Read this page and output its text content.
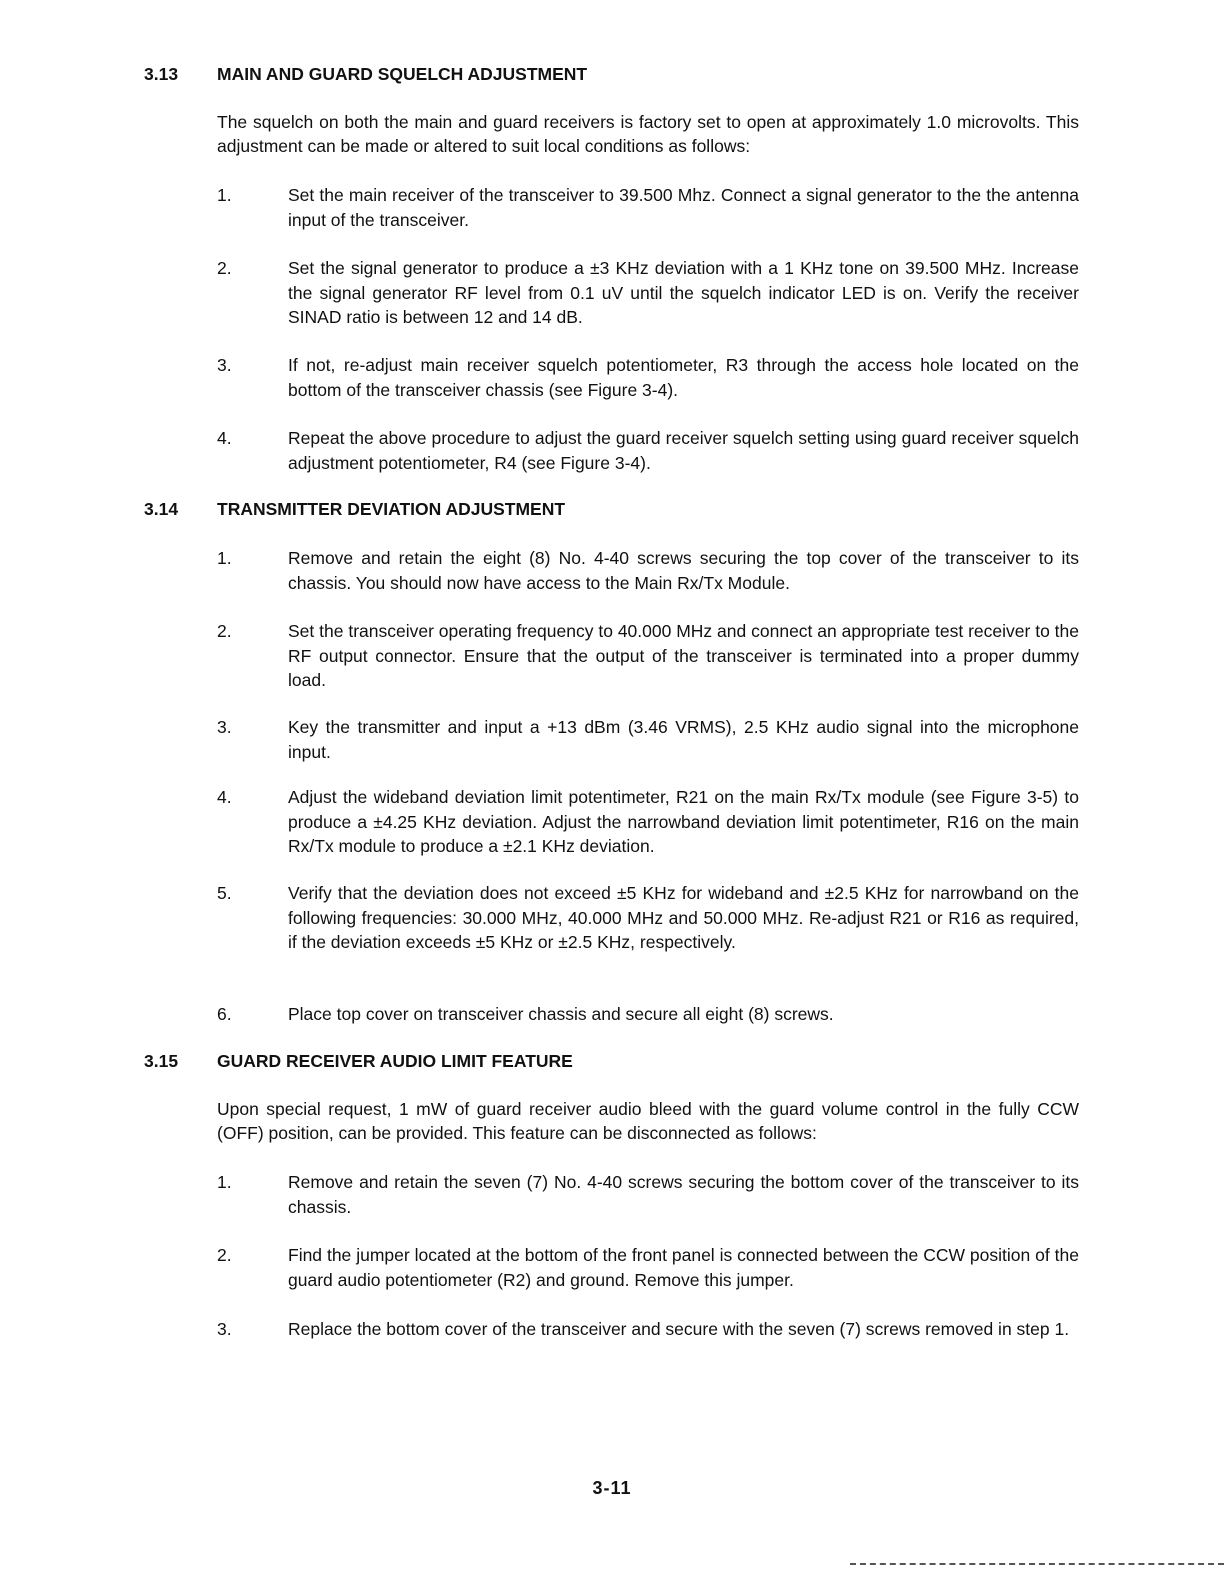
3.13 MAIN AND GUARD SQUELCH ADJUSTMENT
The squelch on both the main and guard receivers is factory set to open at approximately 1.0 microvolts. This adjustment can be made or altered to suit local conditions as follows:
1.	Set the main receiver of the transceiver to 39.500 Mhz. Connect a signal generator to the the antenna input of the transceiver.
2.	Set the signal generator to produce a ±3 KHz deviation with a 1 KHz tone on 39.500 MHz. Increase the signal generator RF level from 0.1 uV until the squelch indicator LED is on. Verify the receiver SINAD ratio is between 12 and 14 dB.
3.	If not, re-adjust main receiver squelch potentiometer, R3 through the access hole located on the bottom of the transceiver chassis (see Figure 3-4).
4.	Repeat the above procedure to adjust the guard receiver squelch setting using guard receiver squelch adjustment potentiometer, R4 (see Figure 3-4).
3.14 TRANSMITTER DEVIATION ADJUSTMENT
1.	Remove and retain the eight (8) No. 4-40 screws securing the top cover of the transceiver to its chassis. You should now have access to the Main Rx/Tx Module.
2.	Set the transceiver operating frequency to 40.000 MHz and connect an appropriate test receiver to the RF output connector. Ensure that the output of the transceiver is terminated into a proper dummy load.
3.	Key the transmitter and input a +13 dBm (3.46 VRMS), 2.5 KHz audio signal into the microphone input.
4.	Adjust the wideband deviation limit potentimeter, R21 on the main Rx/Tx module (see Figure 3-5) to produce a ±4.25 KHz deviation. Adjust the narrowband deviation limit potentimeter, R16 on the main Rx/Tx module to produce a ±2.1 KHz deviation.
5.	Verify that the deviation does not exceed ±5 KHz for wideband and ±2.5 KHz for narrowband on the following frequencies: 30.000 MHz, 40.000 MHz and 50.000 MHz. Re-adjust R21 or R16 as required, if the deviation exceeds ±5 KHz or ±2.5 KHz, respectively.
6.	Place top cover on transceiver chassis and secure all eight (8) screws.
3.15 GUARD RECEIVER AUDIO LIMIT FEATURE
Upon special request, 1 mW of guard receiver audio bleed with the guard volume control in the fully CCW (OFF) position, can be provided. This feature can be disconnected as follows:
1.	Remove and retain the seven (7) No. 4-40 screws securing the bottom cover of the transceiver to its chassis.
2.	Find the jumper located at the bottom of the front panel is connected between the CCW position of the guard audio potentiometer (R2) and ground. Remove this jumper.
3.	Replace the bottom cover of the transceiver and secure with the seven (7) screws removed in step 1.
3-11
